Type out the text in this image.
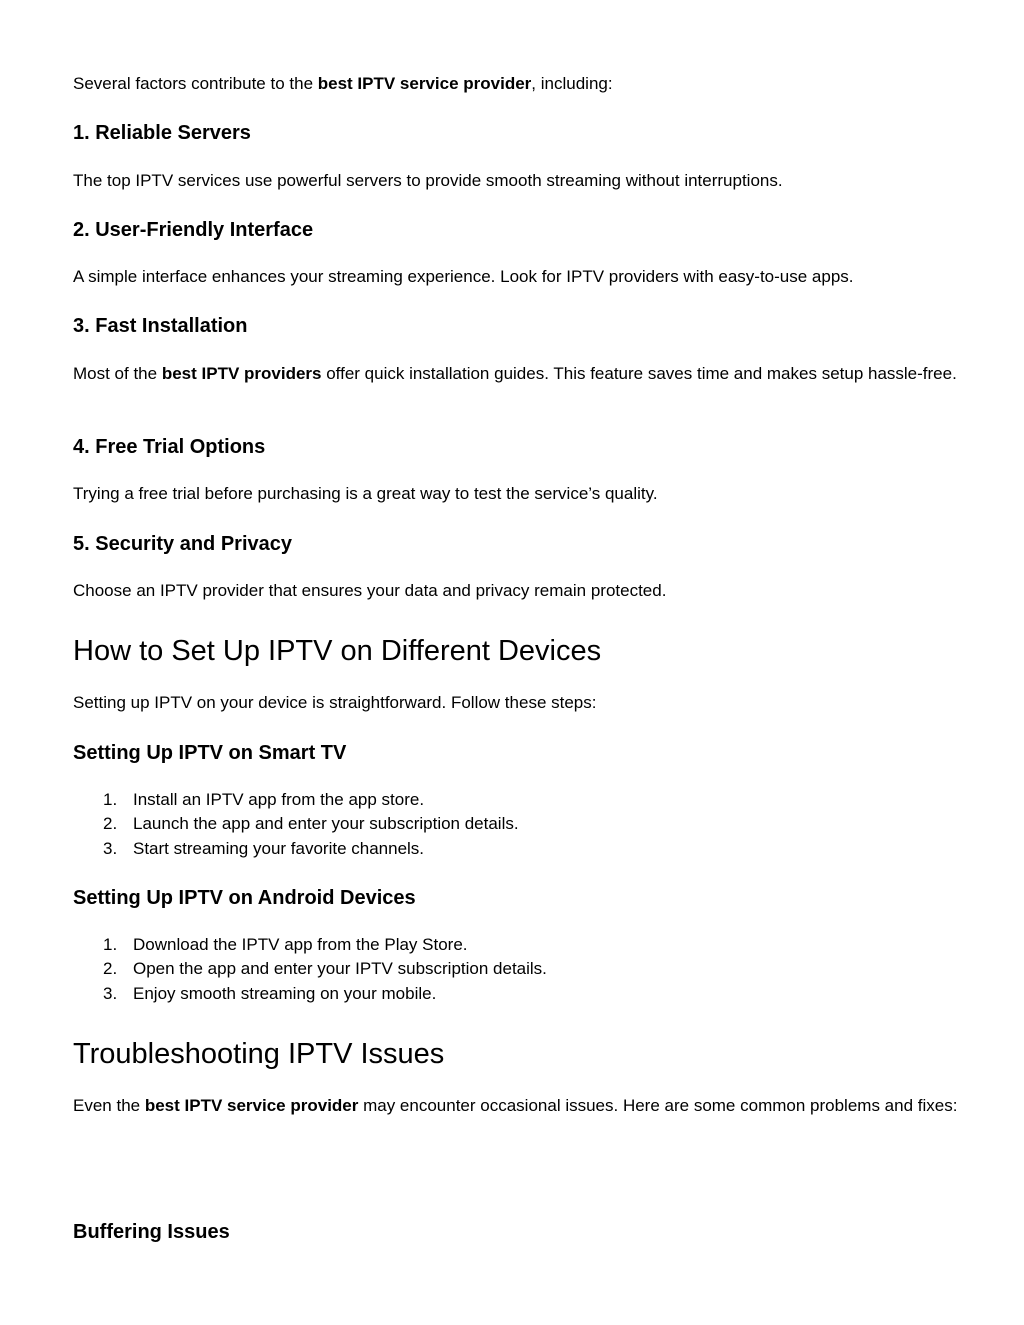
Several factors contribute to the best IPTV service provider, including:

1. Reliable Servers

The top IPTV services use powerful servers to provide smooth streaming without interruptions.

2. User-Friendly Interface

A simple interface enhances your streaming experience. Look for IPTV providers with easy-to-use apps.

3. Fast Installation

Most of the best IPTV providers offer quick installation guides. This feature saves time and makes setup hassle-free.

4. Free Trial Options

Trying a free trial before purchasing is a great way to test the service’s quality.

5. Security and Privacy

Choose an IPTV provider that ensures your data and privacy remain protected.

How to Set Up IPTV on Different Devices

Setting up IPTV on your device is straightforward. Follow these steps:

Setting Up IPTV on Smart TV
1. Install an IPTV app from the app store.
2. Launch the app and enter your subscription details.
3. Start streaming your favorite channels.
Setting Up IPTV on Android Devices
1. Download the IPTV app from the Play Store.
2. Open the app and enter your IPTV subscription details.
3. Enjoy smooth streaming on your mobile.
Troubleshooting IPTV Issues

Even the best IPTV service provider may encounter occasional issues. Here are some common problems and fixes:

Buffering Issues
